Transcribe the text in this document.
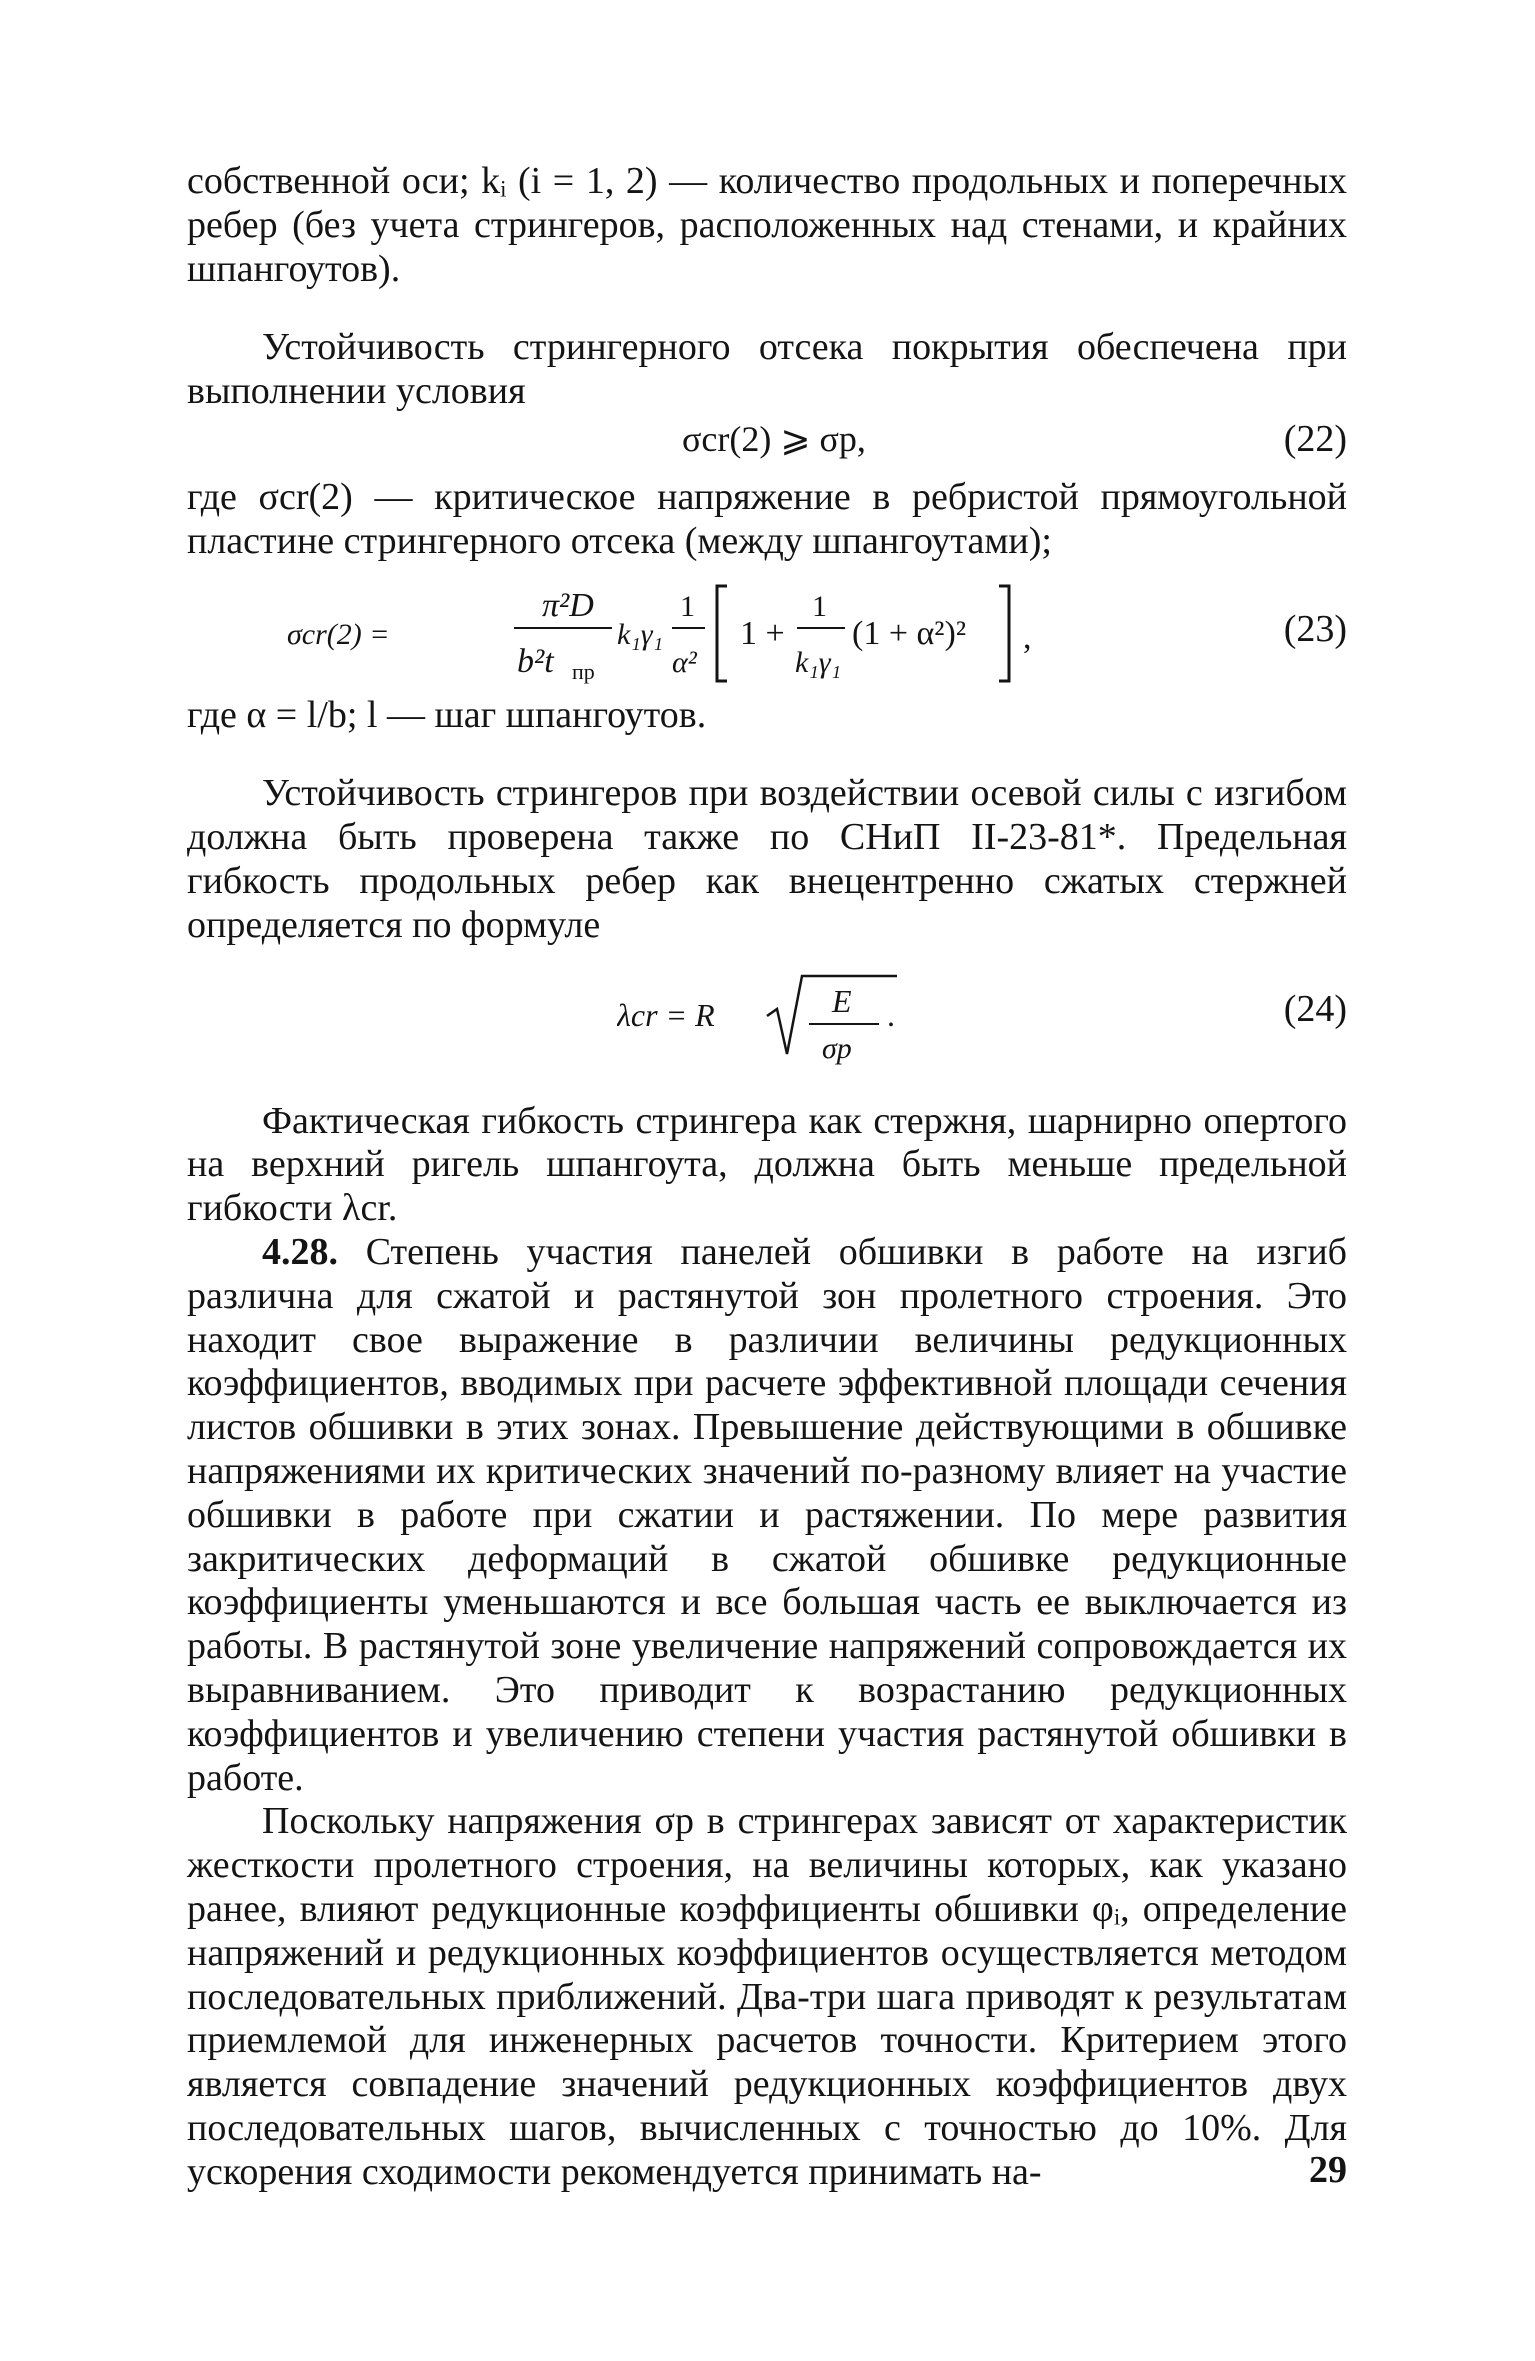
собственной оси; kᵢ (i = 1, 2) — количество продольных и поперечных ребер (без учета стрингеров, расположенных над стенами, и крайних шпангоутов).

Устойчивость стрингерного отсека покрытия обеспечена при выполнении условия

σcr(2) ⩾ σp,	(22)

где σcr(2) — критическое напряжение в ребристой прямоугольной пластине стрингерного отсека (между шпангоутами);

σcr(2) =
π²D
b²t пр
k₁γ₁
1
α²
1 +
1
k₁γ₁
(1 + α²)² ,	(23)

где α = l/b; l — шаг шпангоутов.

Устойчивость стрингеров при воздействии осевой силы с изгибом должна быть проверена также по СНиП II-23-81*. Предельная гибкость продольных ребер как внецентренно сжатых стержней определяется по формуле

λcr = R	E
σp
.	(24)

Фактическая гибкость стрингера как стержня, шарнирно опертого на верхний ригель шпангоута, должна быть меньше предельной гибкости λcr.

4.28. Степень участия панелей обшивки в работе на изгиб различна для сжатой и растянутой зон пролетного строения. Это находит свое выражение в различии величины редукционных коэффициентов, вводимых при расчете эффективной площади сечения листов обшивки в этих зонах. Превышение действующими в обшивке напряжениями их критических значений по-разному влияет на участие обшивки в работе при сжатии и растяжении. По мере развития закритических деформаций в сжатой обшивке редукционные коэффициенты уменьшаются и все большая часть ее выключается из работы. В растянутой зоне увеличение напряжений сопровождается их выравниванием. Это приводит к возрастанию редукционных коэффициентов и увеличению степени участия растянутой обшивки в работе.

Поскольку напряжения σp в стрингерах зависят от характеристик жесткости пролетного строения, на величины которых, как указано ранее, влияют редукционные коэффициенты обшивки φᵢ, определение напряжений и редукционных коэффициентов осуществляется методом последовательных приближений. Два-три шага приводят к результатам приемлемой для инженерных расчетов точности. Критерием этого является совпадение значений редукционных коэффициентов двух последовательных шагов, вычисленных с точностью до 10%. Для ускорения сходимости рекомендуется принимать на-	29
